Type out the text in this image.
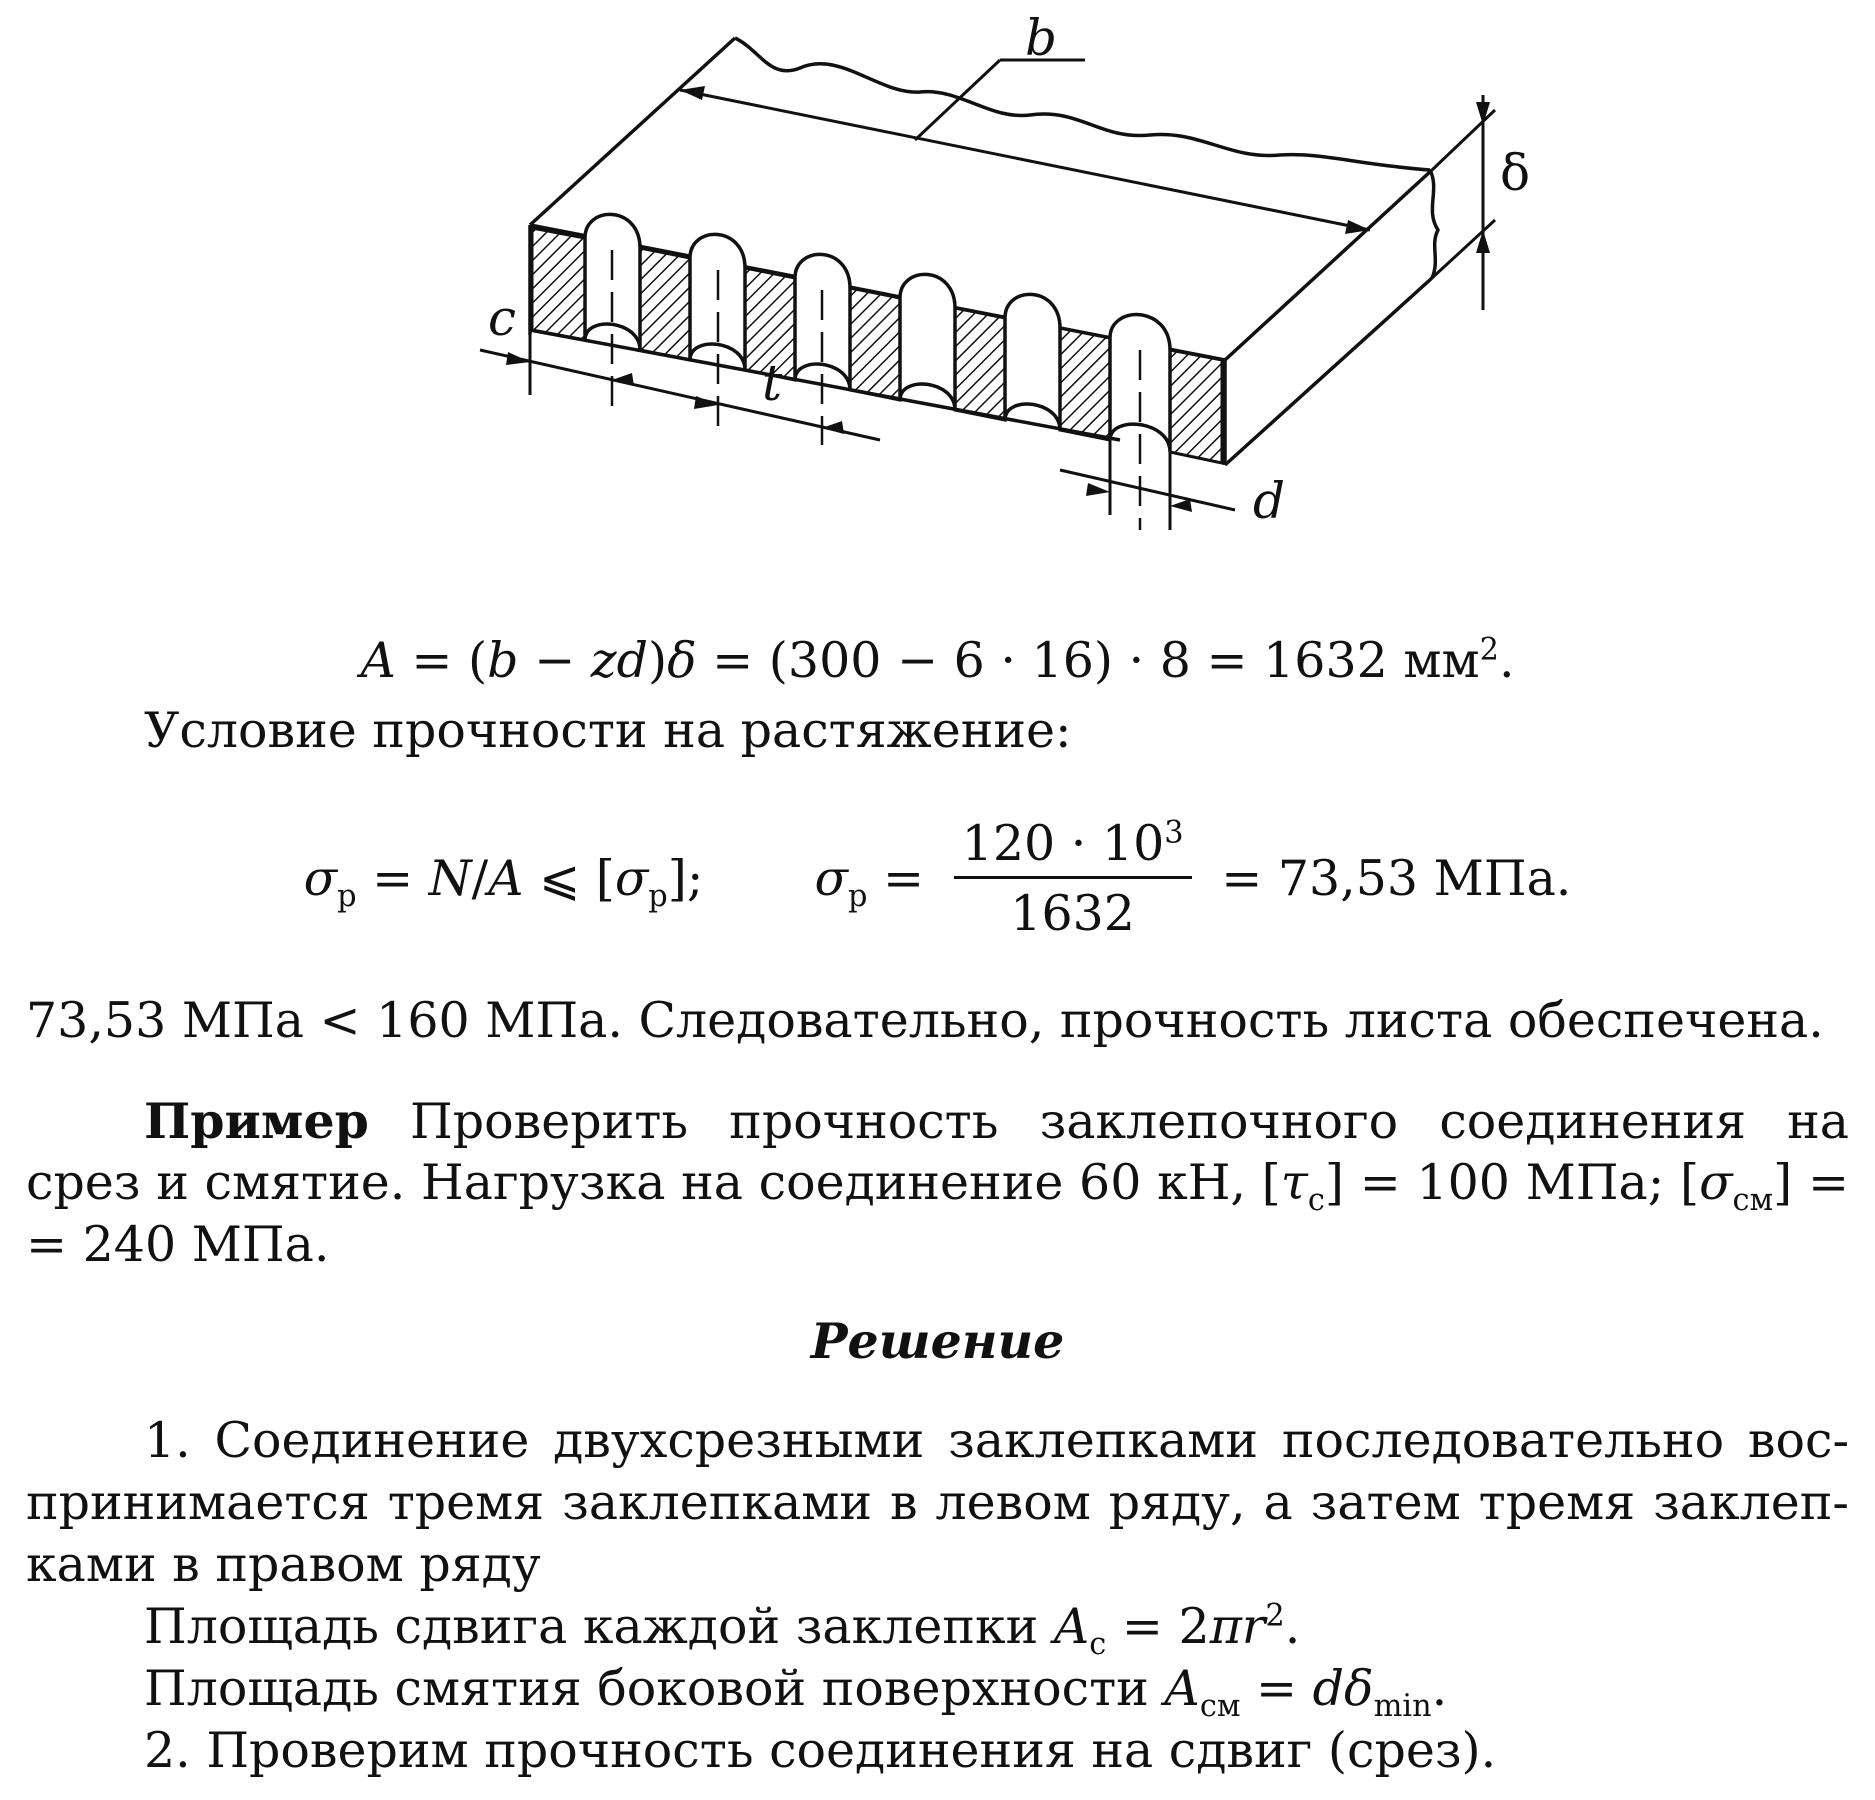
b
δ
c
t
d
A = (b − zd)δ = (300 − 6 · 16) · 8 = 1632 $мм^2$.
Условие прочности на растяжение:
$\sigma_р = N/A$ ⩽ $[\sigma_р]$; $\sigma_р = \frac{120 \cdot 10^3}{1632} = 73,53$ МПа.
73,53 МПа < 160 МПа. Следовательно, прочность листа обеспечена.
Пример Проверить прочность заклепочного соединения на
срез и смятие. Нагрузка на соединение 60 кН, $[\tau_с] = 100$ МПа; $[\sigma_{см}]$ =
= 240 МПа.
Решение
1. Соединение двухсрезными заклепками последовательно вос-
принимается тремя заклепками в левом ряду, а затем тремя заклеп-
ками в правом ряду
Площадь сдвига каждой заклепки $A_с = 2\pi r^2$.
Площадь смятия боковой поверхности $A_{см} = d\delta_{min}$.
2. Проверим прочность соединения на сдвиг (срез).
